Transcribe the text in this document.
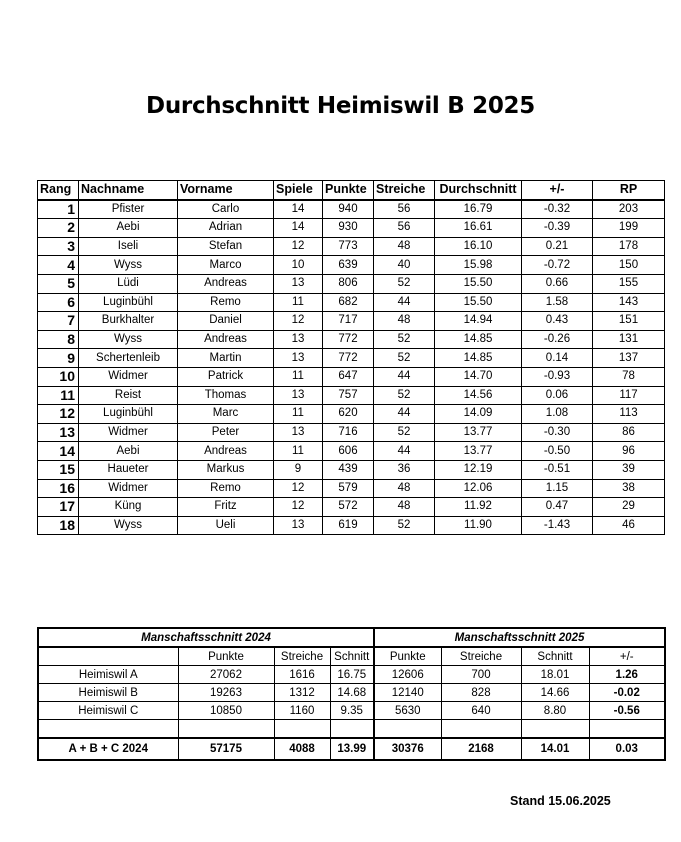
Durchschnitt Heimiswil B 2025
Rang	Nachname	Vorname	Spiele	Punkte	Streiche	Durchschnitt	+/-	RP
1	Pfister	Carlo	14	940	56	16.79	-0.32	203
2	Aebi	Adrian	14	930	56	16.61	-0.39	199
3	Iseli	Stefan	12	773	48	16.10	0.21	178
4	Wyss	Marco	10	639	40	15.98	-0.72	150
5	Lüdi	Andreas	13	806	52	15.50	0.66	155
6	Luginbühl	Remo	11	682	44	15.50	1.58	143
7	Burkhalter	Daniel	12	717	48	14.94	0.43	151
8	Wyss	Andreas	13	772	52	14.85	-0.26	131
9	Schertenleib	Martin	13	772	52	14.85	0.14	137
10	Widmer	Patrick	11	647	44	14.70	-0.93	78
11	Reist	Thomas	13	757	52	14.56	0.06	117
12	Luginbühl	Marc	11	620	44	14.09	1.08	113
13	Widmer	Peter	13	716	52	13.77	-0.30	86
14	Aebi	Andreas	11	606	44	13.77	-0.50	96
15	Haueter	Markus	9	439	36	12.19	-0.51	39
16	Widmer	Remo	12	579	48	12.06	1.15	38
17	Küng	Fritz	12	572	48	11.92	0.47	29
18	Wyss	Ueli	13	619	52	11.90	-1.43	46
Manschaftsschnitt 2024				Manschaftsschnitt 2025			
	Punkte	Streiche	Schnitt	Punkte	Streiche	Schnitt	+/-
Heimiswil A	27062	1616	16.75	12606	700	18.01	1.26
Heimiswil B	19263	1312	14.68	12140	828	14.66	-0.02
Heimiswil C	10850	1160	9.35	5630	640	8.80	-0.56

A + B + C 2024	57175	4088	13.99	30376	2168	14.01	0.03
Stand 15.06.2025
